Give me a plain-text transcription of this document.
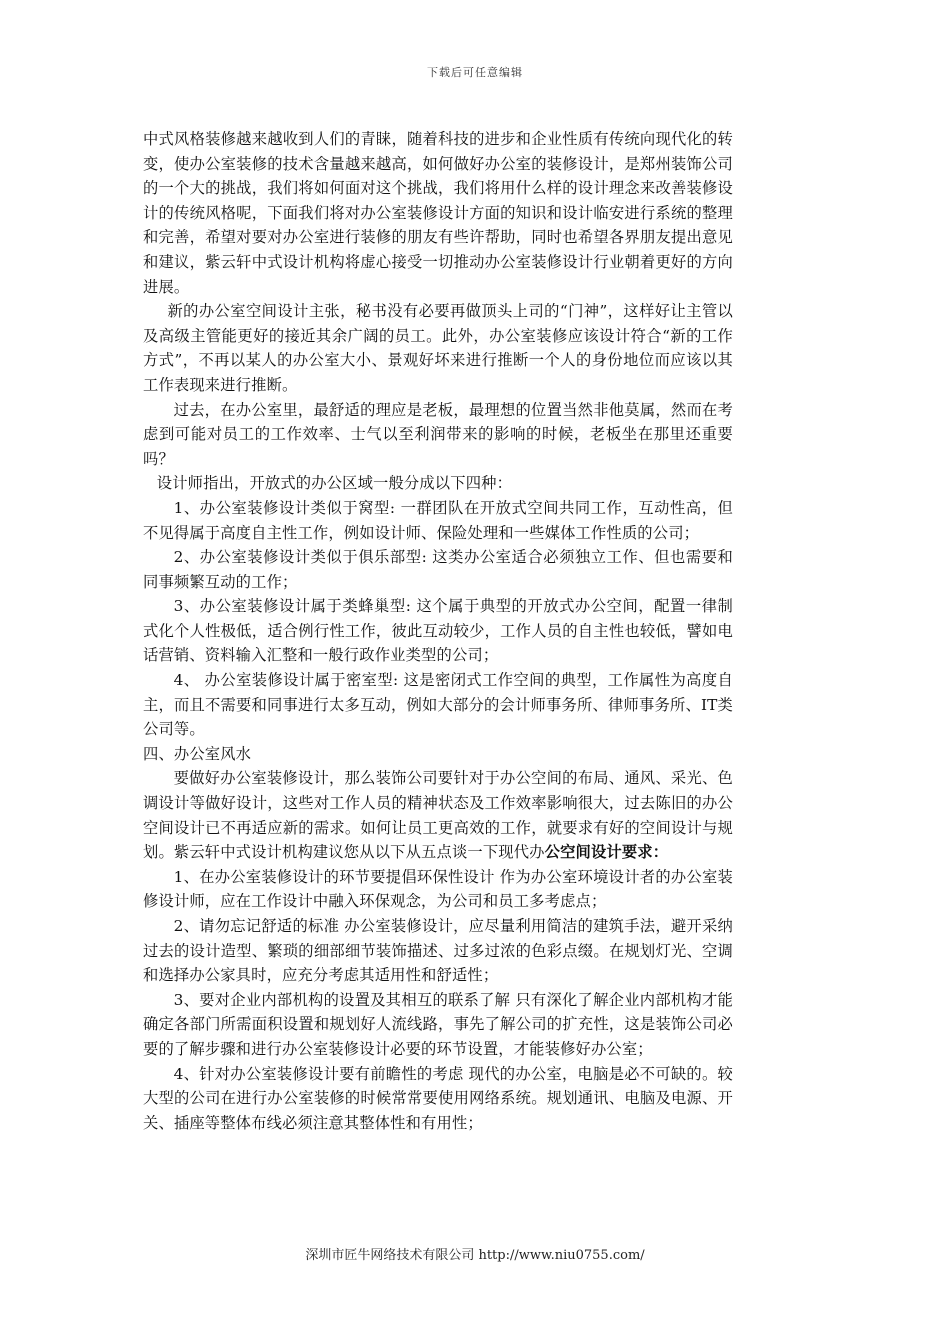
下载后可任意编辑

中式风格装修越来越收到人们的青睐，随着科技的进步和企业性质有传统向现代化的转变，使办公室装修的技术含量越来越高，如何做好办公室的装修设计，是郑州装饰公司的一个大的挑战，我们将如何面对这个挑战，我们将用什么样的设计理念来改善装修设计的传统风格呢，下面我们将对办公室装修设计方面的知识和设计临安进行系统的整理和完善，希望对要对办公室进行装修的朋友有些许帮助，同时也希望各界朋友提出意见和建议，紫云轩中式设计机构将虚心接受一切推动办公室装修设计行业朝着更好的方向进展。

新的办公室空间设计主张，秘书没有必要再做顶头上司的“门神”，这样好让主管以及高级主管能更好的接近其余广阔的员工。此外，办公室装修应该设计符合“新的工作方式”，不再以某人的办公室大小、景观好坏来进行推断一个人的身份地位而应该以其工作表现来进行推断。

过去，在办公室里，最舒适的理应是老板，最理想的位置当然非他莫属，然而在考虑到可能对员工的工作效率、士气以至利润带来的影响的时候，老板坐在那里还重要吗？

设计师指出，开放式的办公区域一般分成以下四种：

1、办公室装修设计类似于窝型: 一群团队在开放式空间共同工作，互动性高，但不见得属于高度自主性工作，例如设计师、保险处理和一些媒体工作性质的公司；

2、办公室装修设计类似于俱乐部型: 这类办公室适合必须独立工作、但也需要和同事频繁互动的工作；

3、办公室装修设计属于类蜂巢型: 这个属于典型的开放式办公空间，配置一律制式化个人性极低，适合例行性工作，彼此互动较少，工作人员的自主性也较低，譬如电话营销、资料输入汇整和一般行政作业类型的公司；

4、 办公室装修设计属于密室型: 这是密闭式工作空间的典型，工作属性为高度自主，而且不需要和同事进行太多互动，例如大部分的会计师事务所、律师事务所、IT类公司等。

四、办公室风水

要做好办公室装修设计，那么装饰公司要针对于办公空间的布局、通风、采光、色调设计等做好设计，这些对工作人员的精神状态及工作效率影响很大，过去陈旧的办公空间设计已不再适应新的需求。如何让员工更高效的工作，就要求有好的空间设计与规划。紫云轩中式设计机构建议您从以下从五点谈一下现代办公空间设计要求：

1、在办公室装修设计的环节要提倡环保性设计 作为办公室环境设计者的办公室装修设计师，应在工作设计中融入环保观念，为公司和员工多考虑点；

2、请勿忘记舒适的标准 办公室装修设计，应尽量利用简洁的建筑手法，避开采纳过去的设计造型、繁琐的细部细节装饰描述、过多过浓的色彩点缀。在规划灯光、空调和选择办公家具时，应充分考虑其适用性和舒适性；

3、要对企业内部机构的设置及其相互的联系了解 只有深化了解企业内部机构才能确定各部门所需面积设置和规划好人流线路，事先了解公司的扩充性，这是装饰公司必要的了解步骤和进行办公室装修设计必要的环节设置，才能装修好办公室；

4、针对办公室装修设计要有前瞻性的考虑 现代的办公室，电脑是必不可缺的。较大型的公司在进行办公室装修的时候常常要使用网络系统。规划通讯、电脑及电源、开关、插座等整体布线必须注意其整体性和有用性；

深圳市匠牛网络技术有限公司 http://www.niu0755.com/
